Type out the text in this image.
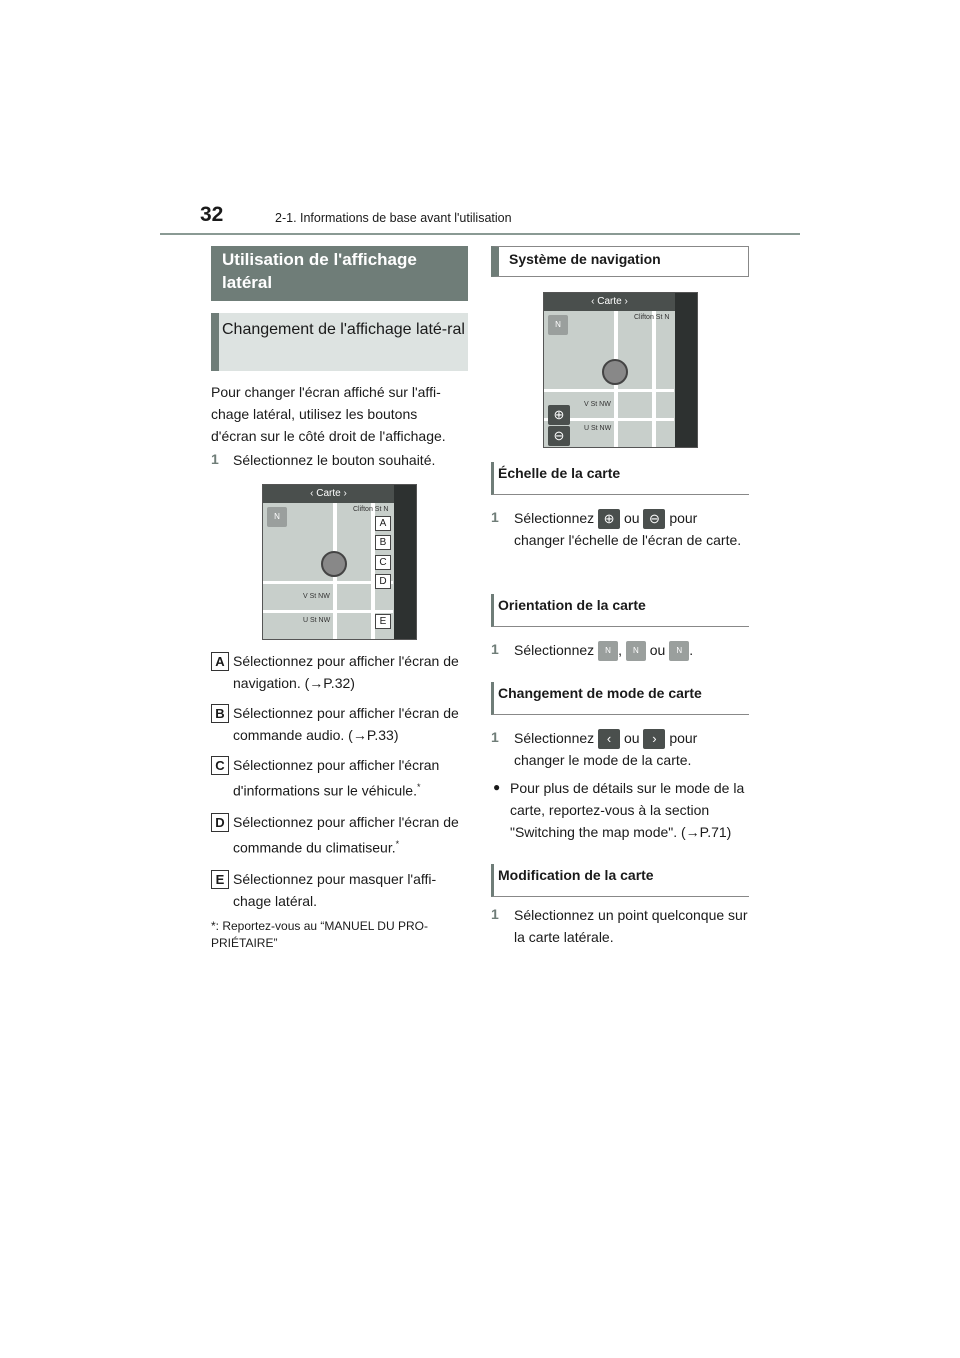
32	2-1. Informations de base avant l'utilisation
Utilisation de l'affichage latéral
Changement de l'affichage laté-ral
Pour changer l'écran affiché sur l'affi-chage latéral, utilisez les boutons d'écran sur le côté droit de l'affichage.
1 Sélectionnez le bouton souhaité.
‹ Carte ›
Clifton St N
V St NW
U St NW
N
A
B
C
D
E
A Sélectionnez pour afficher l'écran de navigation. (→P.32)
B Sélectionnez pour afficher l'écran de commande audio. (→P.33)
C Sélectionnez pour afficher l'écran d'informations sur le véhicule.*
D Sélectionnez pour afficher l'écran de commande du climatiseur.*
E Sélectionnez pour masquer l'affi-chage latéral.
*: Reportez-vous au “MANUEL DU PRO-PRIÉTAIRE”
Système de navigation
‹ Carte ›
Clifton St N
V St NW
U St NW
N
⊕
⊖
Échelle de la carte
1 Sélectionnez ⊕ ou ⊖ pour changer l'échelle de l'écran de carte.
Orientation de la carte
1 Sélectionnez N , N ou N .
Changement de mode de carte
1 Sélectionnez ‹ ou › pour changer le mode de la carte.
● Pour plus de détails sur le mode de la carte, reportez-vous à la section "Switching the map mode". (→P.71)
Modification de la carte
1 Sélectionnez un point quelconque sur la carte latérale.
